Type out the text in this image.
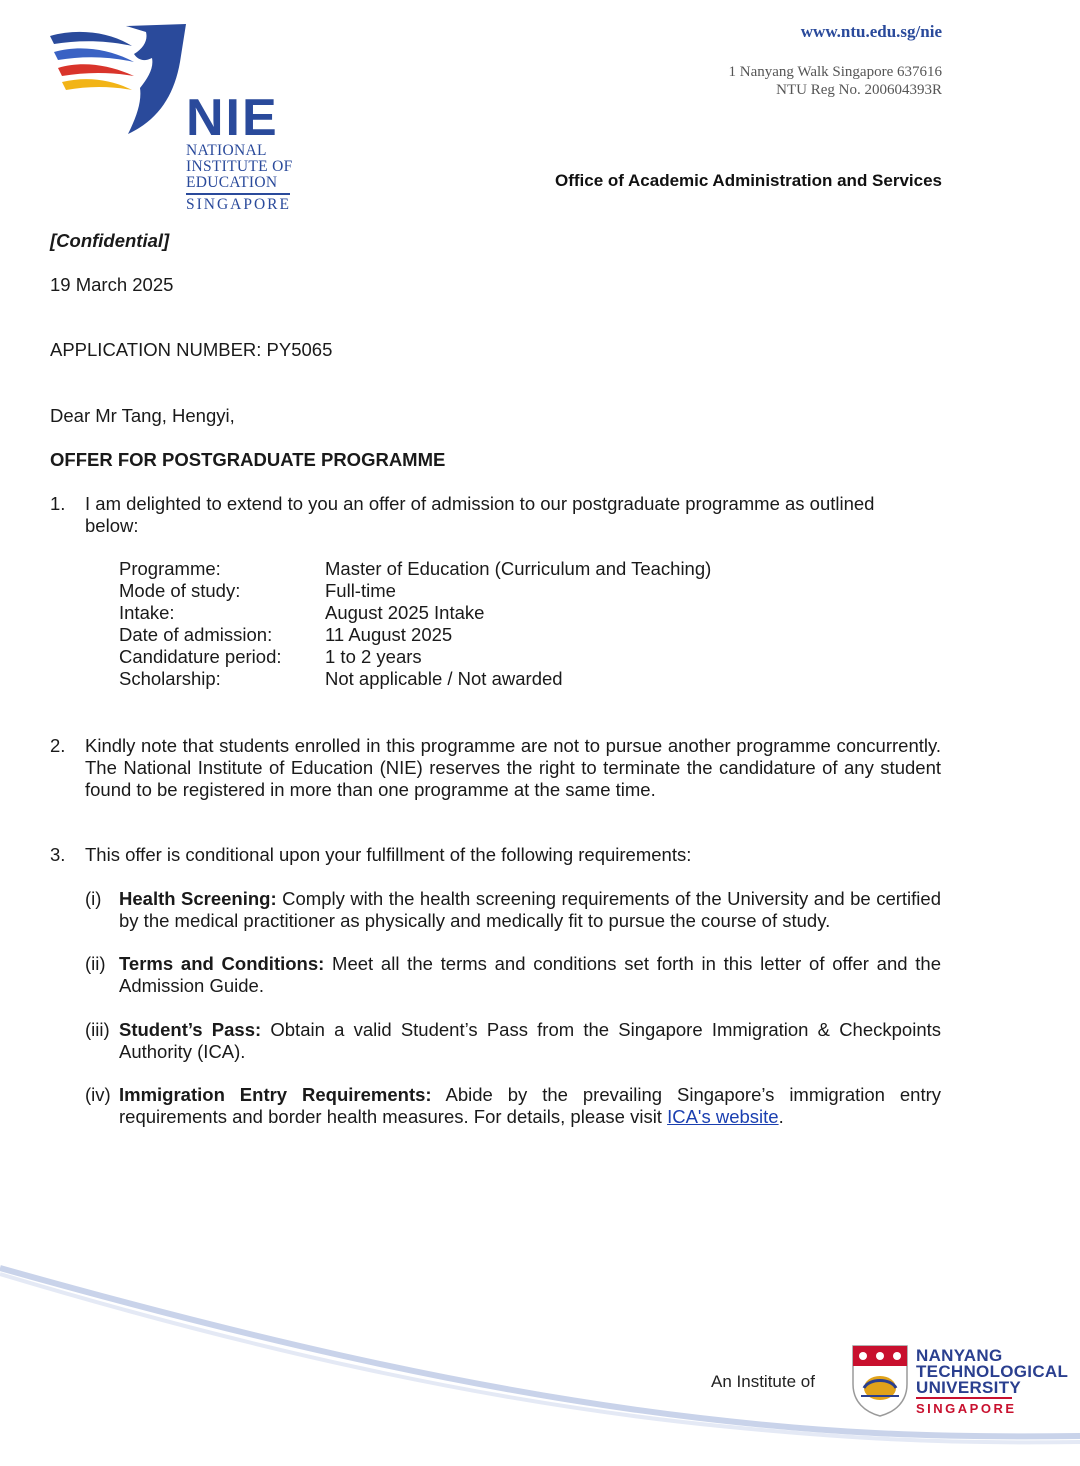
NIE
NATIONAL
INSTITUTE OF
EDUCATION
SINGAPORE
www.ntu.edu.sg/nie
1 Nanyang Walk Singapore 637616
NTU Reg No. 200604393R
Office of Academic Administration and Services
[Confidential]
19 March 2025
APPLICATION NUMBER: PY5065
Dear Mr Tang, Hengyi,
OFFER FOR POSTGRADUATE PROGRAMME
1. I am delighted to extend to you an offer of admission to our postgraduate programme as outlined
below:
Programme:	Master of Education (Curriculum and Teaching)
Mode of study:	Full-time
Intake:	August 2025 Intake
Date of admission:	11 August 2025
Candidature period:	1 to 2 years
Scholarship:	Not applicable / Not awarded
2. Kindly note that students enrolled in this programme are not to pursue another programme concurrently. The National Institute of Education (NIE) reserves the right to terminate the candidature of any student found to be registered in more than one programme at the same time.
3. This offer is conditional upon your fulfillment of the following requirements:
(i) Health Screening: Comply with the health screening requirements of the University and be certified by the medical practitioner as physically and medically fit to pursue the course of study.
(ii) Terms and Conditions: Meet all the terms and conditions set forth in this letter of offer and the Admission Guide.
(iii) Student’s Pass: Obtain a valid Student’s Pass from the Singapore Immigration & Checkpoints Authority (ICA).
(iv) Immigration Entry Requirements: Abide by the prevailing Singapore’s immigration entry requirements and border health measures. For details, please visit ICA's website.
An Institute of
NANYANG
TECHNOLOGICAL
UNIVERSITY
SINGAPORE
